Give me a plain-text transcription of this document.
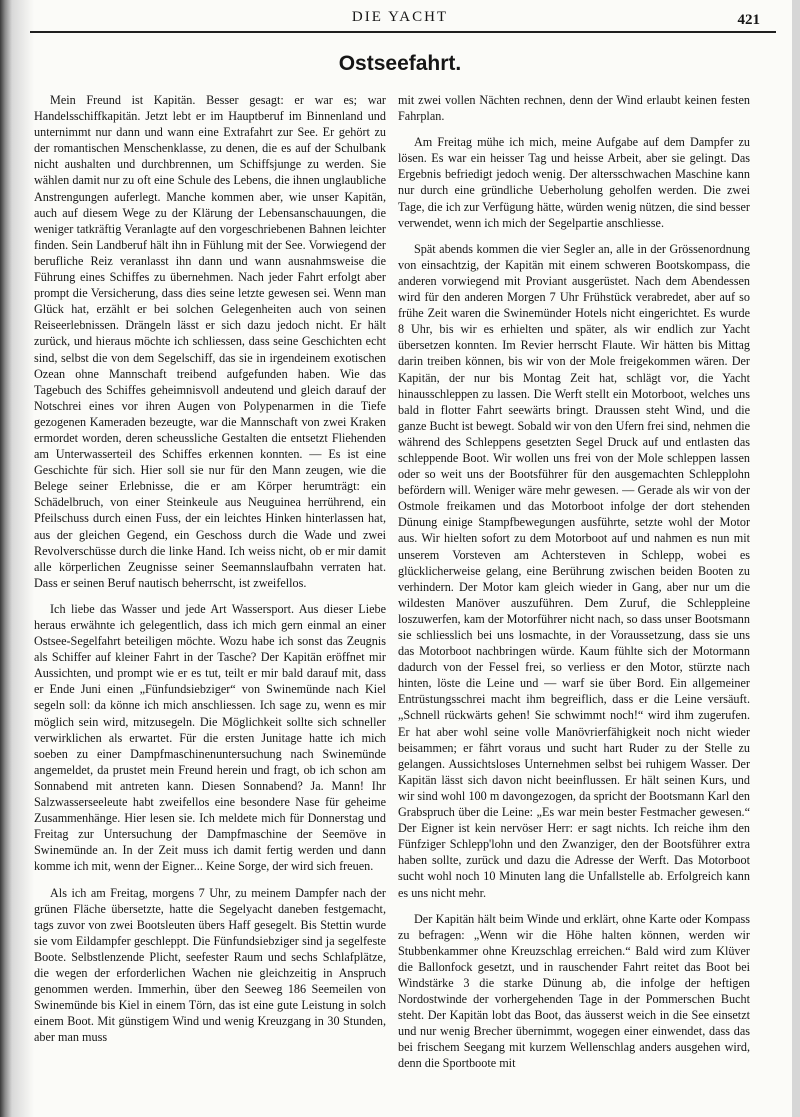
DIE YACHT	421
Ostseefahrt.

Mein Freund ist Kapitän. Besser gesagt: er war es; war Handelsschiffkapitän. Jetzt lebt er im Hauptberuf im Binnenland und unternimmt nur dann und wann eine Extrafahrt zur See. Er gehört zu der romantischen Menschenklasse, zu denen, die es auf der Schulbank nicht aushalten und durchbrennen, um Schiffsjunge zu werden. Sie wählen damit nur zu oft eine Schule des Lebens, die ihnen unglaubliche Anstrengungen auferlegt. Manche kommen aber, wie unser Kapitän, auch auf diesem Wege zu der Klärung der Lebensanschauungen, die weniger tatkräftig Veranlagte auf den vorgeschriebenen Bahnen leichter finden. Sein Landberuf hält ihn in Fühlung mit der See. Vorwiegend der berufliche Reiz veranlasst ihn dann und wann ausnahmsweise die Führung eines Schiffes zu übernehmen. Nach jeder Fahrt erfolgt aber prompt die Versicherung, dass dies seine letzte gewesen sei. Wenn man Glück hat, erzählt er bei solchen Gelegenheiten auch von seinen Reiseerlebnissen. Drängeln lässt er sich dazu jedoch nicht. Er hält zurück, und hieraus möchte ich schliessen, dass seine Geschichten echt sind, selbst die von dem Segelschiff, das sie in irgendeinem exotischen Ozean ohne Mannschaft treibend aufgefunden haben. Wie das Tagebuch des Schiffes geheimnisvoll andeutend und gleich darauf der Notschrei eines vor ihren Augen von Polypenarmen in die Tiefe gezogenen Kameraden bezeugte, war die Mannschaft von zwei Kraken ermordet worden, deren scheussliche Gestalten die entsetzt Fliehenden am Unterwasserteil des Schiffes erkennen konnten. — Es ist eine Geschichte für sich. Hier soll sie nur für den Mann zeugen, wie die Belege seiner Erlebnisse, die er am Körper herumträgt: ein Schädelbruch, von einer Steinkeule aus Neuguinea herrührend, ein Pfeilschuss durch einen Fuss, der ein leichtes Hinken hinterlassen hat, aus der gleichen Gegend, ein Geschoss durch die Wade und zwei Revolverschüsse durch die linke Hand. Ich weiss nicht, ob er mir damit alle körperlichen Zeugnisse seiner Seemannslaufbahn verraten hat. Dass er seinen Beruf nautisch beherrscht, ist zweifellos.

Ich liebe das Wasser und jede Art Wassersport. Aus dieser Liebe heraus erwähnte ich gelegentlich, dass ich mich gern einmal an einer Ostsee-Segelfahrt beteiligen möchte. Wozu habe ich sonst das Zeugnis als Schiffer auf kleiner Fahrt in der Tasche? Der Kapitän eröffnet mir Aussichten, und prompt wie er es tut, teilt er mir bald darauf mit, dass er Ende Juni einen „Fünfundsiebziger“ von Swinemünde nach Kiel segeln soll: da könne ich mich anschliessen. Ich sage zu, wenn es mir möglich sein wird, mitzusegeln. Die Möglichkeit sollte sich schneller verwirklichen als erwartet. Für die ersten Junitage hatte ich mich soeben zu einer Dampfmaschinenuntersuchung nach Swinemünde angemeldet, da prustet mein Freund herein und fragt, ob ich schon am Sonnabend mit antreten kann. Diesen Sonnabend? Ja. Mann! Ihr Salzwasserseeleute habt zweifellos eine besondere Nase für geheime Zusammenhänge. Hier lesen sie. Ich meldete mich für Donnerstag und Freitag zur Untersuchung der Dampfmaschine der Seemöve in Swinemünde an. In der Zeit muss ich damit fertig werden und dann komme ich mit, wenn der Eigner... Keine Sorge, der wird sich freuen.

Als ich am Freitag, morgens 7 Uhr, zu meinem Dampfer nach der grünen Fläche übersetzte, hatte die Segelyacht daneben festgemacht, tags zuvor von zwei Bootsleuten übers Haff gesegelt. Bis Stettin wurde sie vom Eildampfer geschleppt. Die Fünfundsiebziger sind ja segelfeste Boote. Selbstlenzende Plicht, seefester Raum und sechs Schlafplätze, die wegen der erforderlichen Wachen nie gleichzeitig in Anspruch genommen werden. Immerhin, über den Seeweg 186 Seemeilen von Swinemünde bis Kiel in einem Törn, das ist eine gute Leistung in solch einem Boot. Mit günstigem Wind und wenig Kreuzgang in 30 Stunden, aber man muss

mit zwei vollen Nächten rechnen, denn der Wind erlaubt keinen festen Fahrplan.

Am Freitag mühe ich mich, meine Aufgabe auf dem Dampfer zu lösen. Es war ein heisser Tag und heisse Arbeit, aber sie gelingt. Das Ergebnis befriedigt jedoch wenig. Der altersschwachen Maschine kann nur durch eine gründliche Ueberholung geholfen werden. Die zwei Tage, die ich zur Verfügung hätte, würden wenig nützen, die sind besser verwendet, wenn ich mich der Segelpartie anschliesse.

Spät abends kommen die vier Segler an, alle in der Grössenordnung von einsachtzig, der Kapitän mit einem schweren Bootskompass, die anderen vorwiegend mit Proviant ausgerüstet. Nach dem Abendessen wird für den anderen Morgen 7 Uhr Frühstück verabredet, aber auf so frühe Zeit waren die Swinemünder Hotels nicht eingerichtet. Es wurde 8 Uhr, bis wir es erhielten und später, als wir endlich zur Yacht übersetzen konnten. Im Revier herrscht Flaute. Wir hätten bis Mittag darin treiben können, bis wir von der Mole freigekommen wären. Der Kapitän, der nur bis Montag Zeit hat, schlägt vor, die Yacht hinausschleppen zu lassen. Die Werft stellt ein Motorboot, welches uns bald in flotter Fahrt seewärts bringt. Draussen steht Wind, und die ganze Bucht ist bewegt. Sobald wir von den Ufern frei sind, nehmen die während des Schleppens gesetzten Segel Druck auf und entlasten das schleppende Boot. Wir wollen uns frei von der Mole schleppen lassen oder so weit uns der Bootsführer für den ausgemachten Schlepplohn befördern will. Weniger wäre mehr gewesen. — Gerade als wir von der Ostmole freikamen und das Motorboot infolge der dort stehenden Dünung einige Stampfbewegungen ausführte, setzte wohl der Motor aus. Wir hielten sofort zu dem Motorboot auf und nahmen es nun mit unserem Vorsteven am Achtersteven in Schlepp, wobei es glücklicherweise gelang, eine Berührung zwischen beiden Booten zu verhindern. Der Motor kam gleich wieder in Gang, aber nur um die wildesten Manöver auszuführen. Dem Zuruf, die Schleppleine loszuwerfen, kam der Motorführer nicht nach, so dass unser Bootsmann sie schliesslich bei uns losmachte, in der Voraussetzung, dass sie uns das Motorboot nachbringen würde. Kaum fühlte sich der Motormann dadurch von der Fessel frei, so verliess er den Motor, stürzte nach hinten, löste die Leine und — warf sie über Bord. Ein allgemeiner Entrüstungsschrei macht ihm begreiflich, dass er die Leine versäuft. „Schnell rückwärts gehen! Sie schwimmt noch!“ wird ihm zugerufen. Er hat aber wohl seine volle Manövrierfähigkeit noch nicht wieder beisammen; er fährt voraus und sucht hart Ruder zu der Stelle zu gelangen. Aussichtsloses Unternehmen selbst bei ruhigem Wasser. Der Kapitän lässt sich davon nicht beeinflussen. Er hält seinen Kurs, und wir sind wohl 100 m davongezogen, da spricht der Bootsmann Karl den Grabspruch über die Leine: „Es war mein bester Festmacher gewesen.“ Der Eigner ist kein nervöser Herr: er sagt nichts. Ich reiche ihm den Fünfziger Schlepp'lohn und den Zwanziger, den der Bootsführer extra haben sollte, zurück und dazu die Adresse der Werft. Das Motorboot sucht wohl noch 10 Minuten lang die Unfallstelle ab. Erfolgreich kann es uns nicht mehr.

Der Kapitän hält beim Winde und erklärt, ohne Karte oder Kompass zu befragen: „Wenn wir die Höhe halten können, werden wir Stubbenkammer ohne Kreuzschlag erreichen.“ Bald wird zum Klüver die Ballonfock gesetzt, und in rauschender Fahrt reitet das Boot bei Windstärke 3 die starke Dünung ab, die infolge der heftigen Nordostwinde der vorhergehenden Tage in der Pommerschen Bucht steht. Der Kapitän lobt das Boot, das äusserst weich in die See einsetzt und nur wenig Brecher übernimmt, wogegen einer einwendet, dass das bei frischem Seegang mit kurzem Wellenschlag anders ausgehen wird, denn die Sportboote mit
